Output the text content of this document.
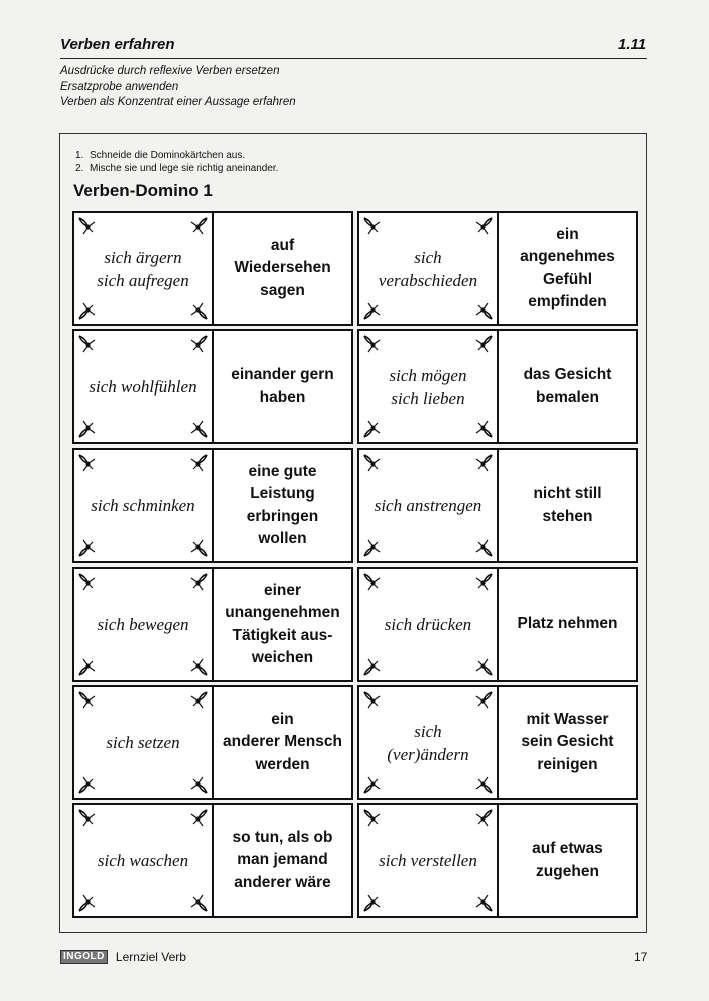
Verben erfahren	1.11
Ausdrücke durch reflexive Verben ersetzen
Ersatzprobe anwenden
Verben als Konzentrat einer Aussage erfahren
1. Schneide die Dominokärtchen aus.
2. Mische sie und lege sie richtig aneinander.
Verben-Domino 1
sich ärgern
sich aufregen
auf
Wiedersehen
sagen
sich
verabschieden
ein
angenehmes
Gefühl
empfinden
sich wohlfühlen
einander gern
haben
sich mögen
sich lieben
das Gesicht
bemalen
sich schminken
eine gute
Leistung
erbringen
wollen
sich anstrengen
nicht still
stehen
sich bewegen
einer
unangenehmen
Tätigkeit aus-
weichen
sich drücken	Platz nehmen
sich setzen
ein
anderer Mensch
werden
sich
(ver)ändern
mit Wasser
sein Gesicht
reinigen
sich waschen
so tun, als ob
man jemand
anderer wäre
sich verstellen
auf etwas
zugehen
INGOLD Lernziel Verb	17
